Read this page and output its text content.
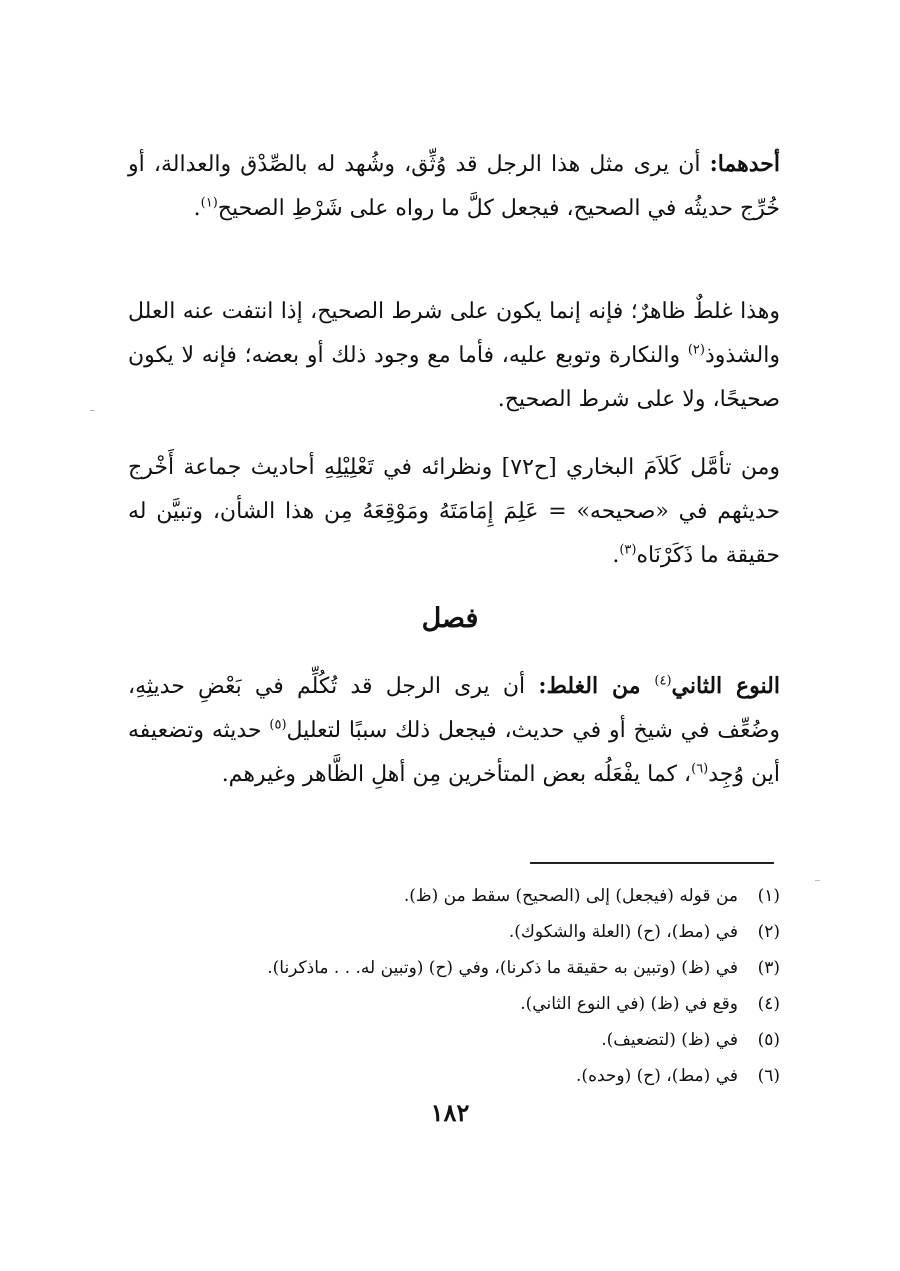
أحدهما: أن يرى مثل هذا الرجل قد وُثِّق، وشُهد له بالصِّدْق والعدالة، أو خُرِّج حديثُه في الصحيح، فيجعل كلَّ ما رواه على شَرْطِ الصحيح$^{(١)}$.

وهذا غلطٌ ظاهرٌ؛ فإنه إنما يكون على شرط الصحيح، إذا انتفت عنه العلل والشذوذ$^{(٢)}$ والنكارة وتوبع عليه، فأما مع وجود ذلك أو بعضه؛ فإنه لا يكون صحيحًا، ولا على شرط الصحيح.

ومن تأمَّل كَلاَمَ البخاري [ح٧٢] ونظرائه في تَعْلِيْلِهِ أحاديث جماعة أَخْرج حديثهم في «صحيحه» = عَلِمَ إِمَامَتَهُ ومَوْقِعَهُ مِن هذا الشأن، وتبيَّن له حقيقة ما ذَكَرْنَاه$^{(٣)}$.

فصل

النوع الثاني$^{(٤)}$ من الغلط: أن يرى الرجل قد تُكُلِّم في بَعْضِ حديثِهِ، وضُعِّف في شيخ أو في حديث، فيجعل ذلك سببًا لتعليل$^{(٥)}$ حديثه وتضعيفه أين وُجِد$^{(٦)}$، كما يفْعَلُه بعض المتأخرين مِن أهلِ الظَّاهر وغيرهم.

(١)من قوله (فيجعل) إلى (الصحيح) سقط من (ظ).
(٢)في (مط)، (ح) (العلة والشكوك).
(٣)في (ظ) (وتبين به حقيقة ما ذكرنا)، وفي (ح) (وتبين له. . . ماذكرنا).
(٤)وقع في (ظ) (في النوع الثاني).
(٥)في (ظ) (لتضعيف).
(٦)في (مط)، (ح) (وحده).
١٨٢
